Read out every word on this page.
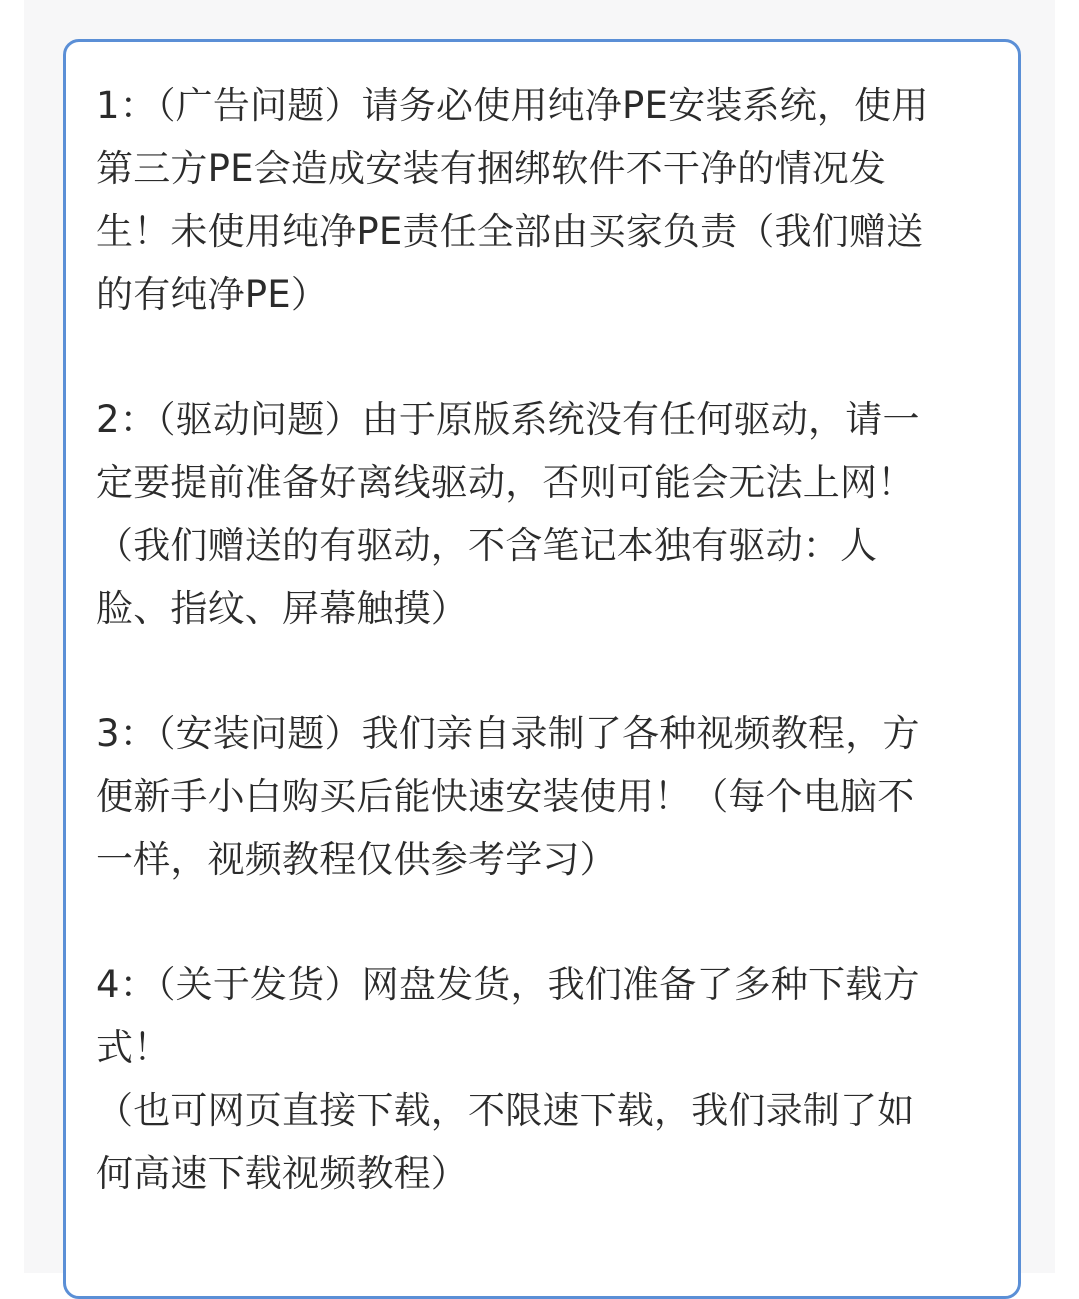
1：（广告问题）请务必使用纯净PE安装系统，使用
第三方PE会造成安装有捆绑软件不干净的情况发
生！未使用纯净PE责任全部由买家负责（我们赠送
的有纯净PE）
2：（驱动问题）由于原版系统没有任何驱动，请一
定要提前准备好离线驱动，否则可能会无法上网！
（我们赠送的有驱动，不含笔记本独有驱动：人
脸、指纹、屏幕触摸）
3：（安装问题）我们亲自录制了各种视频教程，方
便新手小白购买后能快速安装使用！（每个电脑不
一样，视频教程仅供参考学习）
4：（关于发货）网盘发货，我们准备了多种下载方
式！
（也可网页直接下载，不限速下载，我们录制了如
何高速下载视频教程）
